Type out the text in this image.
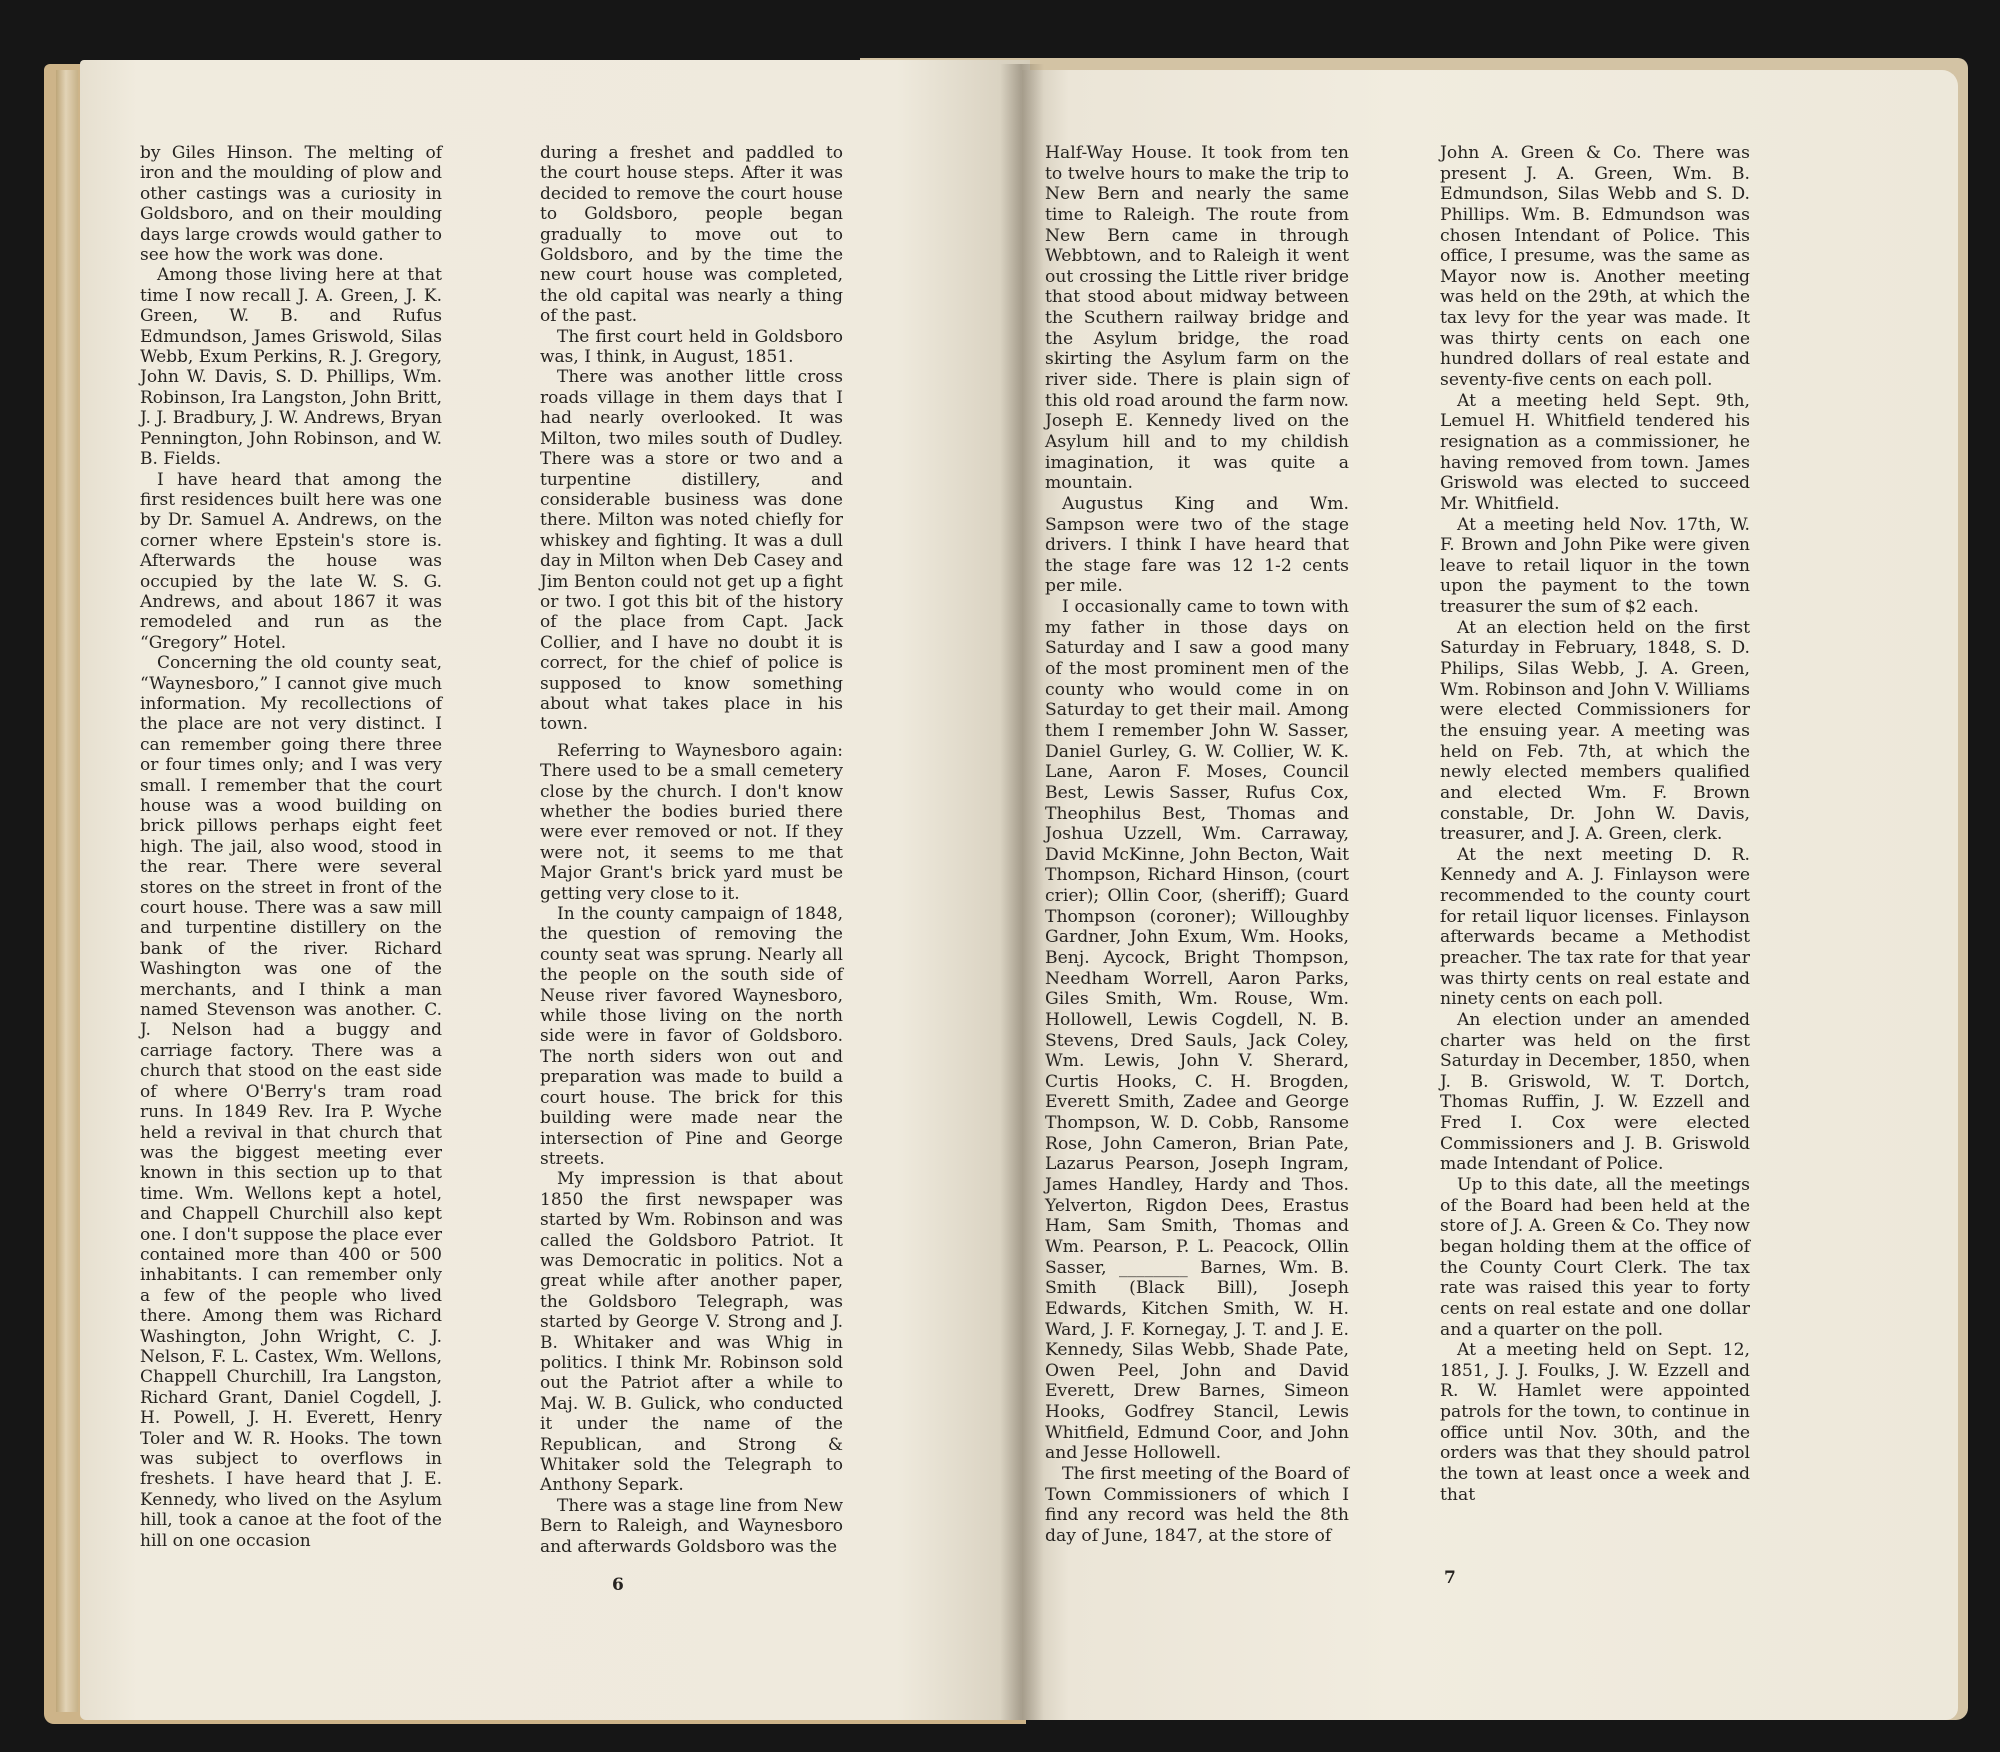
by Giles Hinson. The melting of iron and the moulding of plow and other castings was a curiosity in Goldsboro, and on their moulding days large crowds would gather to see how the work was done.

Among those living here at that time I now recall J. A. Green, J. K. Green, W. B. and Rufus Edmundson, James Griswold, Silas Webb, Exum Perkins, R. J. Gregory, John W. Davis, S. D. Phillips, Wm. Robinson, Ira Langston, John Britt, J. J. Bradbury, J. W. Andrews, Bryan Pennington, John Robinson, and W. B. Fields.

I have heard that among the first residences built here was one by Dr. Samuel A. Andrews, on the corner where Epstein's store is. Afterwards the house was occupied by the late W. S. G. Andrews, and about 1867 it was remodeled and run as the “Gregory” Hotel.

Concerning the old county seat, “Waynesboro,” I cannot give much information. My recollections of the place are not very distinct. I can remember going there three or four times only; and I was very small. I remember that the court house was a wood building on brick pillows perhaps eight feet high. The jail, also wood, stood in the rear. There were several stores on the street in front of the court house. There was a saw mill and turpentine distillery on the bank of the river. Richard Washington was one of the merchants, and I think a man named Stevenson was another. C. J. Nelson had a buggy and carriage factory. There was a church that stood on the east side of where O'Berry's tram road runs. In 1849 Rev. Ira P. Wyche held a revival in that church that was the biggest meeting ever known in this section up to that time. Wm. Wellons kept a hotel, and Chappell Churchill also kept one. I don't suppose the place ever contained more than 400 or 500 inhabitants. I can remember only a few of the people who lived there. Among them was Richard Washington, John Wright, C. J. Nelson, F. L. Castex, Wm. Wellons, Chappell Churchill, Ira Langston, Richard Grant, Daniel Cogdell, J. H. Powell, J. H. Everett, Henry Toler and W. R. Hooks. The town was subject to overflows in freshets. I have heard that J. E. Kennedy, who lived on the Asylum hill, took a canoe at the foot of the hill on one occasion

during a freshet and paddled to the court house steps. After it was decided to remove the court house to Goldsboro, people began gradually to move out to Goldsboro, and by the time the new court house was completed, the old capital was nearly a thing of the past.

The first court held in Goldsboro was, I think, in August, 1851.

There was another little cross roads village in them days that I had nearly overlooked. It was Milton, two miles south of Dudley. There was a store or two and a turpentine distillery, and considerable business was done there. Milton was noted chiefly for whiskey and fighting. It was a dull day in Milton when Deb Casey and Jim Benton could not get up a fight or two. I got this bit of the history of the place from Capt. Jack Collier, and I have no doubt it is correct, for the chief of police is supposed to know something about what takes place in his town.

Referring to Waynesboro again: There used to be a small cemetery close by the church. I don't know whether the bodies buried there were ever removed or not. If they were not, it seems to me that Major Grant's brick yard must be getting very close to it.

In the county campaign of 1848, the question of removing the county seat was sprung. Nearly all the people on the south side of Neuse river favored Waynesboro, while those living on the north side were in favor of Goldsboro. The north siders won out and preparation was made to build a court house. The brick for this building were made near the intersection of Pine and George streets.

My impression is that about 1850 the first newspaper was started by Wm. Robinson and was called the Goldsboro Patriot. It was Democratic in politics. Not a great while after another paper, the Goldsboro Telegraph, was started by George V. Strong and J. B. Whitaker and was Whig in politics. I think Mr. Robinson sold out the Patriot after a while to Maj. W. B. Gulick, who conducted it under the name of the Republican, and Strong & Whitaker sold the Telegraph to Anthony Separk.

There was a stage line from New Bern to Raleigh, and Waynesboro and afterwards Goldsboro was the

6

Half-Way House. It took from ten to twelve hours to make the trip to New Bern and nearly the same time to Raleigh. The route from New Bern came in through Webbtown, and to Raleigh it went out crossing the Little river bridge that stood about midway between the Scuthern railway bridge and the Asylum bridge, the road skirting the Asylum farm on the river side. There is plain sign of this old road around the farm now. Joseph E. Kennedy lived on the Asylum hill and to my childish imagination, it was quite a mountain.

Augustus King and Wm. Sampson were two of the stage drivers. I think I have heard that the stage fare was 12 1-2 cents per mile.

I occasionally came to town with my father in those days on Saturday and I saw a good many of the most prominent men of the county who would come in on Saturday to get their mail. Among them I remember John W. Sasser, Daniel Gurley, G. W. Collier, W. K. Lane, Aaron F. Moses, Council Best, Lewis Sasser, Rufus Cox, Theophilus Best, Thomas and Joshua Uzzell, Wm. Carraway, David McKinne, John Becton, Wait Thompson, Richard Hinson, (court crier); Ollin Coor, (sheriff); Guard Thompson (coroner); Willoughby Gardner, John Exum, Wm. Hooks, Benj. Aycock, Bright Thompson, Needham Worrell, Aaron Parks, Giles Smith, Wm. Rouse, Wm. Hollowell, Lewis Cogdell, N. B. Stevens, Dred Sauls, Jack Coley, Wm. Lewis, John V. Sherard, Curtis Hooks, C. H. Brogden, Everett Smith, Zadee and George Thompson, W. D. Cobb, Ransome Rose, John Cameron, Brian Pate, Lazarus Pearson, Joseph Ingram, James Handley, Hardy and Thos. Yelverton, Rigdon Dees, Erastus Ham, Sam Smith, Thomas and Wm. Pearson, P. L. Peacock, Ollin Sasser, ________ Barnes, Wm. B. Smith (Black Bill), Joseph Edwards, Kitchen Smith, W. H. Ward, J. F. Kornegay, J. T. and J. E. Kennedy, Silas Webb, Shade Pate, Owen Peel, John and David Everett, Drew Barnes, Simeon Hooks, Godfrey Stancil, Lewis Whitfield, Edmund Coor, and John and Jesse Hollowell.

The first meeting of the Board of Town Commissioners of which I find any record was held the 8th day of June, 1847, at the store of

John A. Green & Co. There was present J. A. Green, Wm. B. Edmundson, Silas Webb and S. D. Phillips. Wm. B. Edmundson was chosen Intendant of Police. This office, I presume, was the same as Mayor now is. Another meeting was held on the 29th, at which the tax levy for the year was made. It was thirty cents on each one hundred dollars of real estate and seventy-five cents on each poll.

At a meeting held Sept. 9th, Lemuel H. Whitfield tendered his resignation as a commissioner, he having removed from town. James Griswold was elected to succeed Mr. Whitfield.

At a meeting held Nov. 17th, W. F. Brown and John Pike were given leave to retail liquor in the town upon the payment to the town treasurer the sum of $2 each.

At an election held on the first Saturday in February, 1848, S. D. Philips, Silas Webb, J. A. Green, Wm. Robinson and John V. Williams were elected Commissioners for the ensuing year. A meeting was held on Feb. 7th, at which the newly elected members qualified and elected Wm. F. Brown constable, Dr. John W. Davis, treasurer, and J. A. Green, clerk.

At the next meeting D. R. Kennedy and A. J. Finlayson were recommended to the county court for retail liquor licenses. Finlayson afterwards became a Methodist preacher. The tax rate for that year was thirty cents on real estate and ninety cents on each poll.

An election under an amended charter was held on the first Saturday in December, 1850, when J. B. Griswold, W. T. Dortch, Thomas Ruffin, J. W. Ezzell and Fred I. Cox were elected Commissioners and J. B. Griswold made Intendant of Police.

Up to this date, all the meetings of the Board had been held at the store of J. A. Green & Co. They now began holding them at the office of the County Court Clerk. The tax rate was raised this year to forty cents on real estate and one dollar and a quarter on the poll.

At a meeting held on Sept. 12, 1851, J. J. Foulks, J. W. Ezzell and R. W. Hamlet were appointed patrols for the town, to continue in office until Nov. 30th, and the orders was that they should patrol the town at least once a week and that

7
